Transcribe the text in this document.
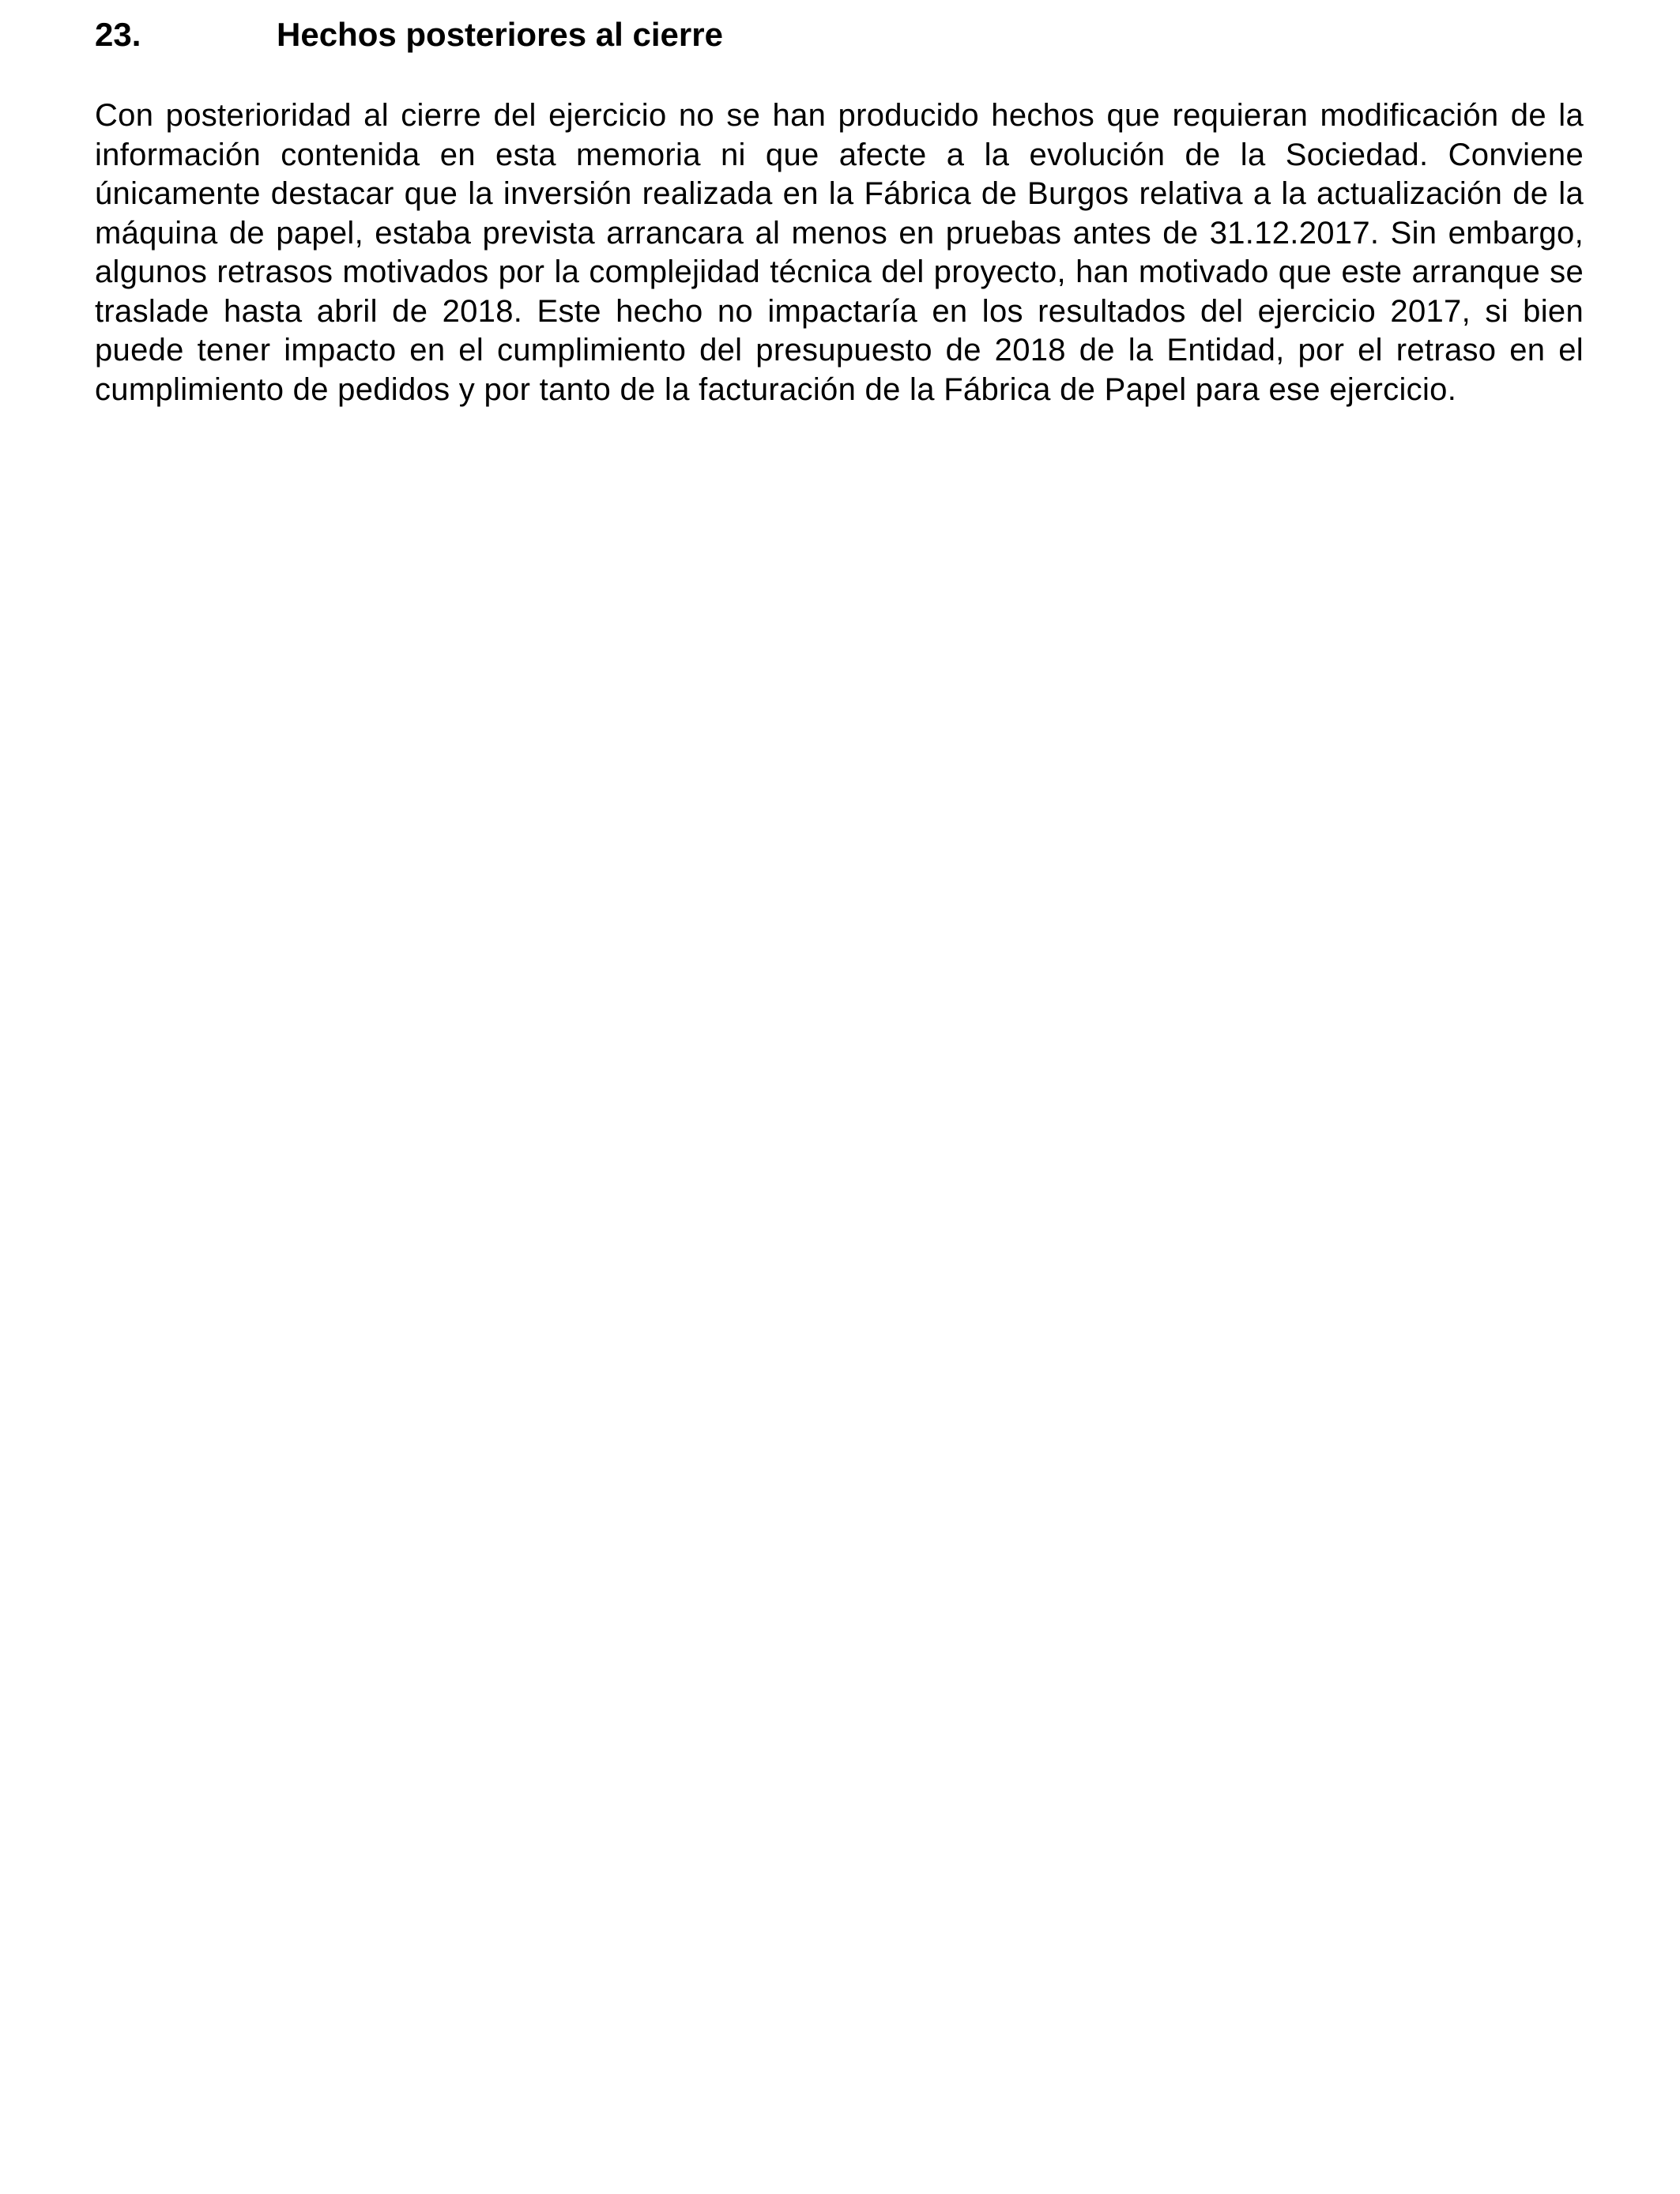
23.	Hechos posteriores al cierre

Con posterioridad al cierre del ejercicio no se han producido hechos que requieran modificación de la información contenida en esta memoria ni que afecte a la evolución de la Sociedad. Conviene únicamente destacar que la inversión realizada en la Fábrica de Burgos relativa a la actualización de la máquina de papel, estaba prevista arrancara al menos en pruebas antes de 31.12.2017. Sin embargo, algunos retrasos motivados por la complejidad técnica del proyecto, han motivado que este arranque se traslade hasta abril de 2018. Este hecho no impactaría en los resultados del ejercicio 2017, si bien puede tener impacto en el cumplimiento del presupuesto de 2018 de la Entidad, por el retraso en el cumplimiento de pedidos y por tanto de la facturación de la Fábrica de Papel para ese ejercicio.
